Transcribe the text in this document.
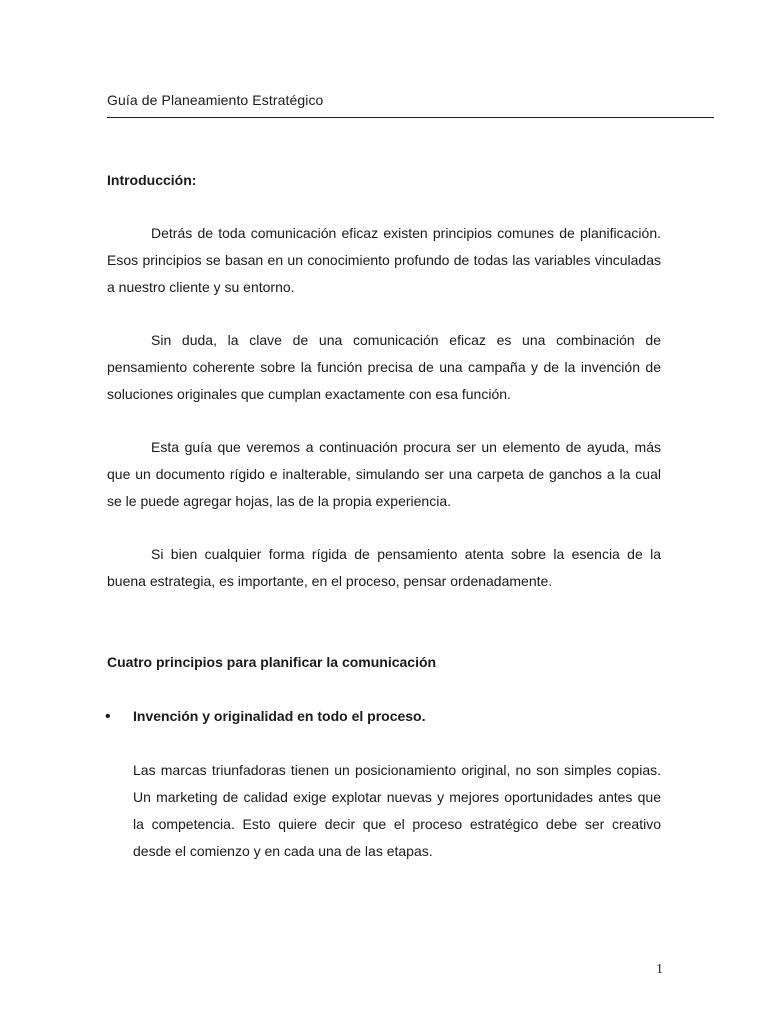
Guía de Planeamiento Estratégico
Introducción:

Detrás de toda comunicación eficaz existen principios comunes de planificación. Esos principios se basan en un conocimiento profundo de todas las variables vinculadas a nuestro cliente y su entorno.

Sin duda, la clave de una comunicación eficaz es una combinación de pensamiento coherente sobre la función precisa de una campaña y de la invención de soluciones originales que cumplan exactamente con esa función.

Esta guía que veremos a continuación procura ser un elemento de ayuda, más que un documento rígido e inalterable, simulando ser una carpeta de ganchos a la cual se le puede agregar hojas, las de la propia experiencia.

Si bien cualquier forma rígida de pensamiento atenta sobre la esencia de la buena estrategia, es importante, en el proceso, pensar ordenadamente.

Cuatro principios para planificar la comunicación
• Invención y originalidad en todo el proceso.

Las marcas triunfadoras tienen un posicionamiento original, no son simples copias. Un marketing de calidad exige explotar nuevas y mejores oportunidades antes que la competencia. Esto quiere decir que el proceso estratégico debe ser creativo desde el comienzo y en cada una de las etapas.

1
